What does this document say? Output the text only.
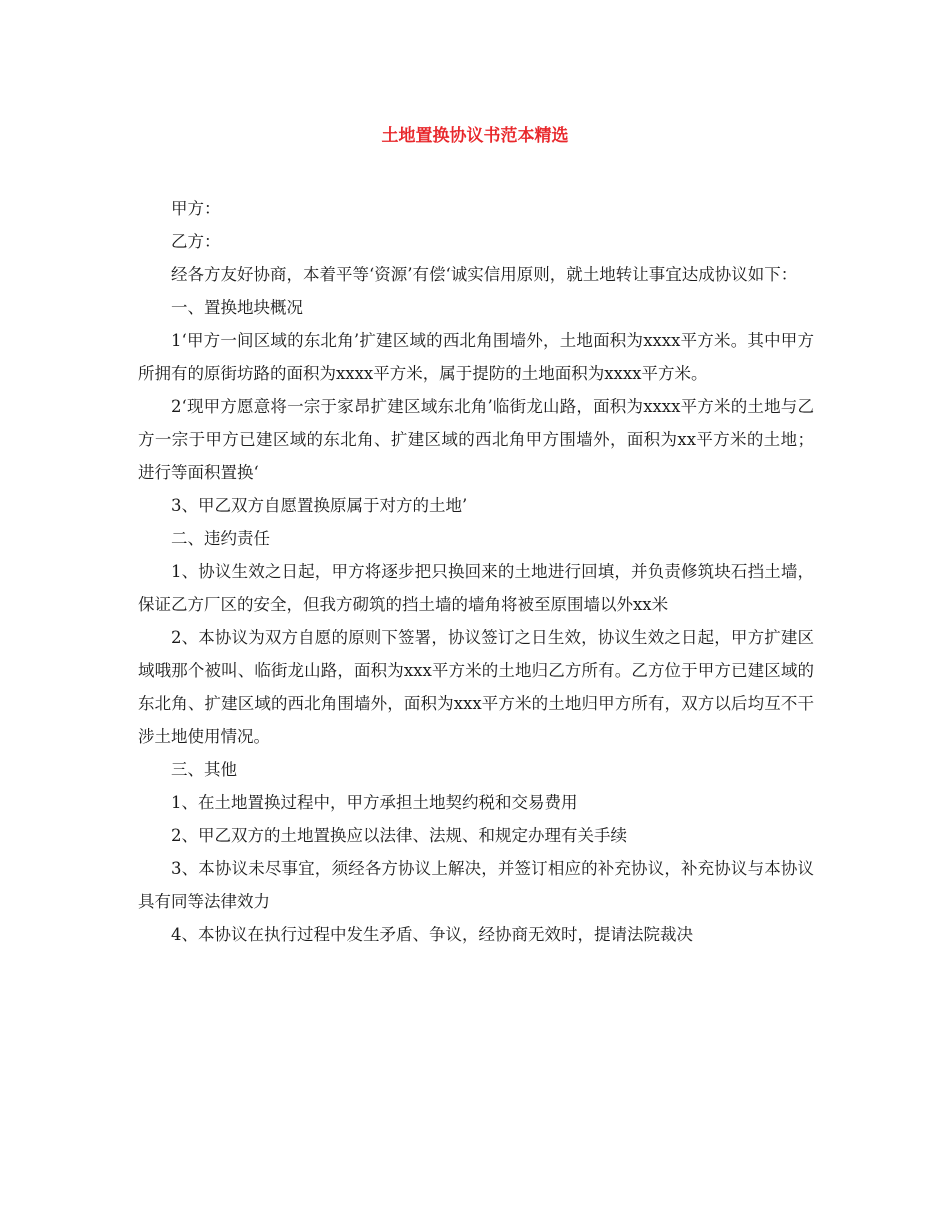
土地置换协议书范本精选

甲方：

乙方：

经各方友好协商，本着平等‘资源’有偿‘诚实信用原则，就土地转让事宜达成协议如下：

一、置换地块概况

1‘甲方一间区域的东北角’扩建区域的西北角围墙外，土地面积为xxxx平方米。其中甲方所拥有的原街坊路的面积为xxxx平方米，属于提防的土地面积为xxxx平方米。

2‘现甲方愿意将一宗于家昂扩建区域东北角’临街龙山路，面积为xxxx平方米的土地与乙方一宗于甲方已建区域的东北角、扩建区域的西北角甲方围墙外，面积为xx平方米的土地；进行等面积置换‘

3、甲乙双方自愿置换原属于对方的土地’

二、违约责任

1、协议生效之日起，甲方将逐步把只换回来的土地进行回填，并负责修筑块石挡土墙，保证乙方厂区的安全，但我方砌筑的挡土墙的墙角将被至原围墙以外xx米

2、本协议为双方自愿的原则下签署，协议签订之日生效，协议生效之日起，甲方扩建区域哦那个被叫、临街龙山路，面积为xxx平方米的土地归乙方所有。乙方位于甲方已建区域的东北角、扩建区域的西北角围墙外，面积为xxx平方米的土地归甲方所有，双方以后均互不干涉土地使用情况。

三、其他

1、在土地置换过程中，甲方承担土地契约税和交易费用

2、甲乙双方的土地置换应以法律、法规、和规定办理有关手续

3、本协议未尽事宜，须经各方协议上解决，并签订相应的补充协议，补充协议与本协议具有同等法律效力

4、本协议在执行过程中发生矛盾、争议，经协商无效时，提请法院裁决
